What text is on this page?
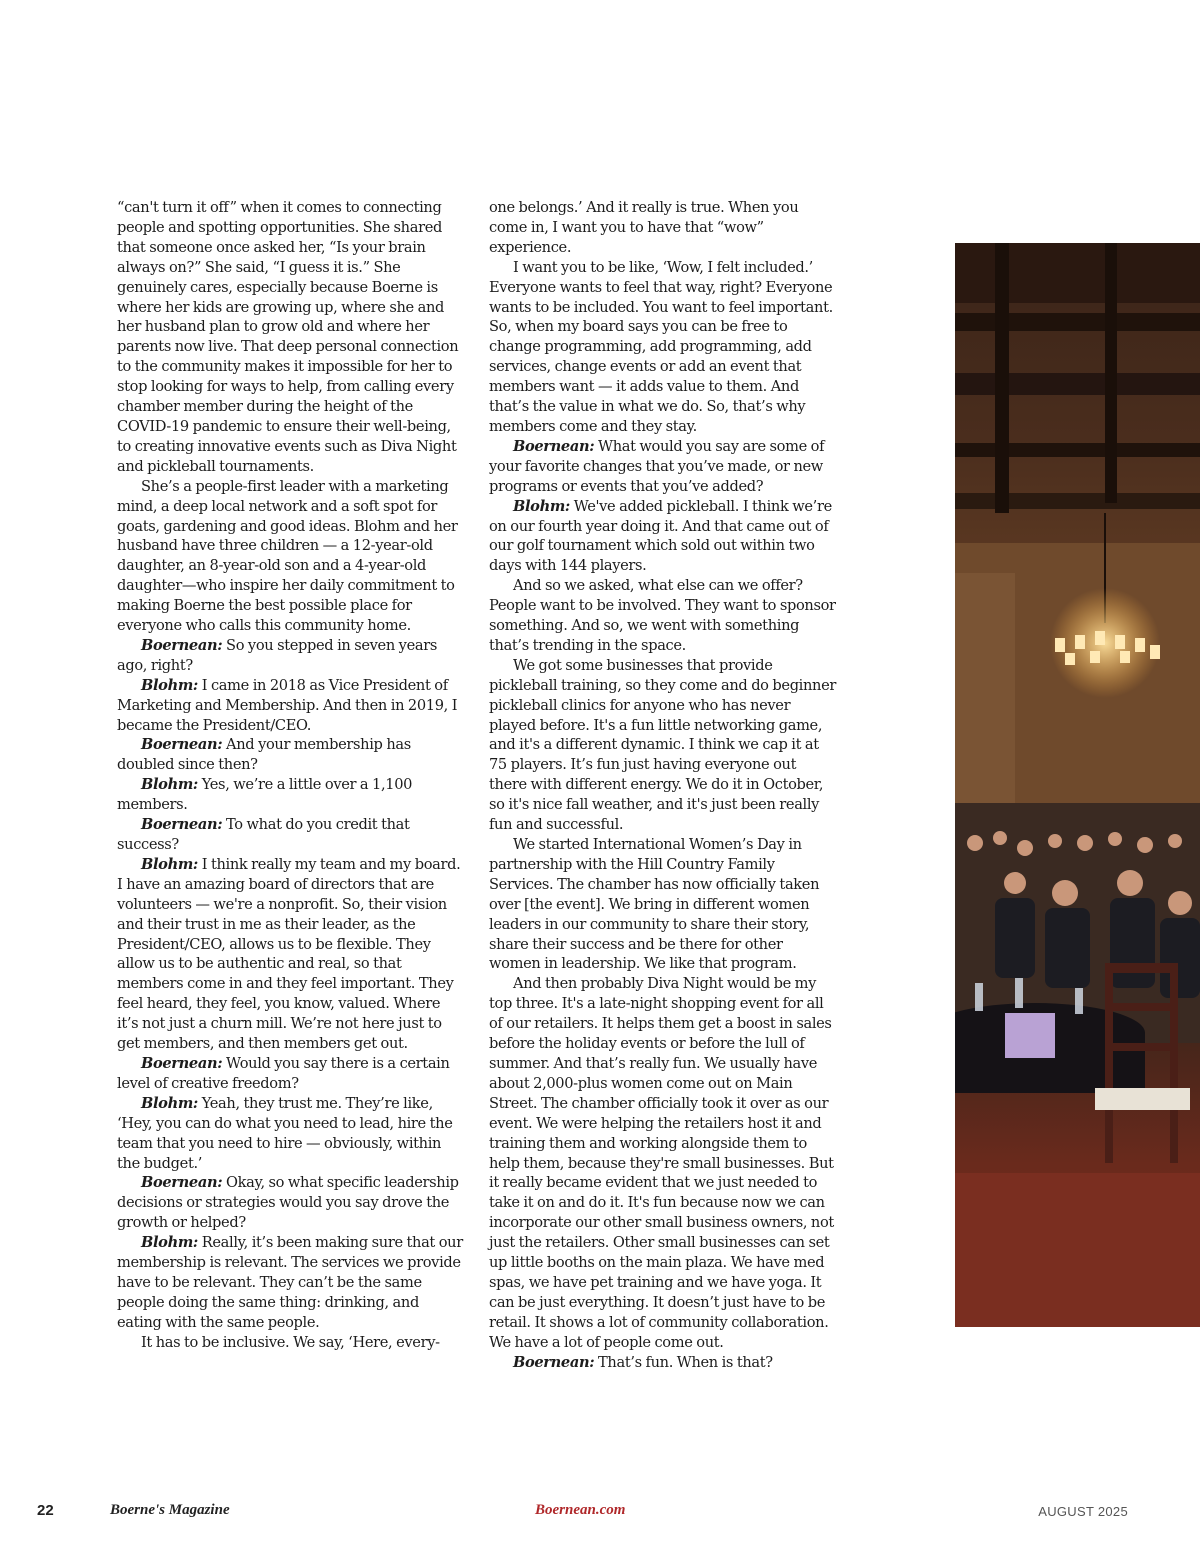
“can't turn it off” when it comes to connecting people and spotting opportunities. She shared that someone once asked her, “Is your brain always on?” She said, “I guess it is.” She genuinely cares, especially because Boerne is where her kids are growing up, where she and her husband plan to grow old and where her parents now live. That deep personal connection to the community makes it impossible for her to stop looking for ways to help, from calling every chamber member during the height of the COVID-19 pandemic to ensure their well-being, to creating innovative events such as Diva Night and pickleball tournaments.

She’s a people-first leader with a marketing mind, a deep local network and a soft spot for goats, gardening and good ideas. Blohm and her husband have three children — a 12-year-old daughter, an 8-year-old son and a 4-year-old daughter—who inspire her daily commitment to making Boerne the best possible place for everyone who calls this community home.

Boernean: So you stepped in seven years ago, right?

Blohm: I came in 2018 as Vice President of Marketing and Membership. And then in 2019, I became the President/CEO.

Boernean: And your membership has doubled since then?

Blohm: Yes, we’re a little over a 1,100 members.

Boernean: To what do you credit that success?

Blohm: I think really my team and my board. I have an amazing board of directors that are volunteers — we're a nonprofit. So, their vision and their trust in me as their leader, as the President/CEO, allows us to be flexible. They allow us to be authentic and real, so that members come in and they feel important. They feel heard, they feel, you know, valued. Where it’s not just a churn mill. We’re not here just to get members, and then members get out.

Boernean: Would you say there is a certain level of creative freedom?

Blohm: Yeah, they trust me. They’re like, ‘Hey, you can do what you need to lead, hire the team that you need to hire — obviously, within the budget.’

Boernean: Okay, so what specific leadership decisions or strategies would you say drove the growth or helped?

Blohm: Really, it’s been making sure that our membership is relevant. The services we provide have to be relevant. They can’t be the same people doing the same thing: drinking, and eating with the same people.

It has to be inclusive. We say, ‘Here, every-

one belongs.’ And it really is true. When you come in, I want you to have that “wow” experience.

I want you to be like, ‘Wow, I felt included.’ Everyone wants to feel that way, right? Everyone wants to be included. You want to feel important. So, when my board says you can be free to change programming, add programming, add services, change events or add an event that members want — it adds value to them. And that’s the value in what we do. So, that’s why members come and they stay.

Boernean: What would you say are some of your favorite changes that you’ve made, or new programs or events that you’ve added?

Blohm: We've added pickleball. I think we’re on our fourth year doing it. And that came out of our golf tournament which sold out within two days with 144 players.

And so we asked, what else can we offer? People want to be involved. They want to sponsor something. And so, we went with something that’s trending in the space.

We got some businesses that provide pickleball training, so they come and do beginner pickleball clinics for anyone who has never played before. It's a fun little networking game, and it's a different dynamic. I think we cap it at 75 players. It’s fun just having everyone out there with different energy. We do it in October, so it's nice fall weather, and it's just been really fun and successful.

We started International Women’s Day in partnership with the Hill Country Family Services. The chamber has now officially taken over [the event]. We bring in different women leaders in our community to share their story, share their success and be there for other women in leadership. We like that program.

And then probably Diva Night would be my top three. It's a late-night shopping event for all of our retailers. It helps them get a boost in sales before the holiday events or before the lull of summer. And that’s really fun. We usually have about 2,000-plus women come out on Main Street. The chamber officially took it over as our event. We were helping the retailers host it and training them and working alongside them to help them, because they're small businesses. But it really became evident that we just needed to take it on and do it. It's fun because now we can incorporate our other small business owners, not just the retailers. Other small businesses can set up little booths on the main plaza. We have med spas, we have pet training and we have yoga. It can be just everything. It doesn’t just have to be retail. It shows a lot of community collaboration. We have a lot of people come out.

Boernean: That’s fun. When is that?

22	Boerne's Magazine	Boernean.com	AUGUST 2025
